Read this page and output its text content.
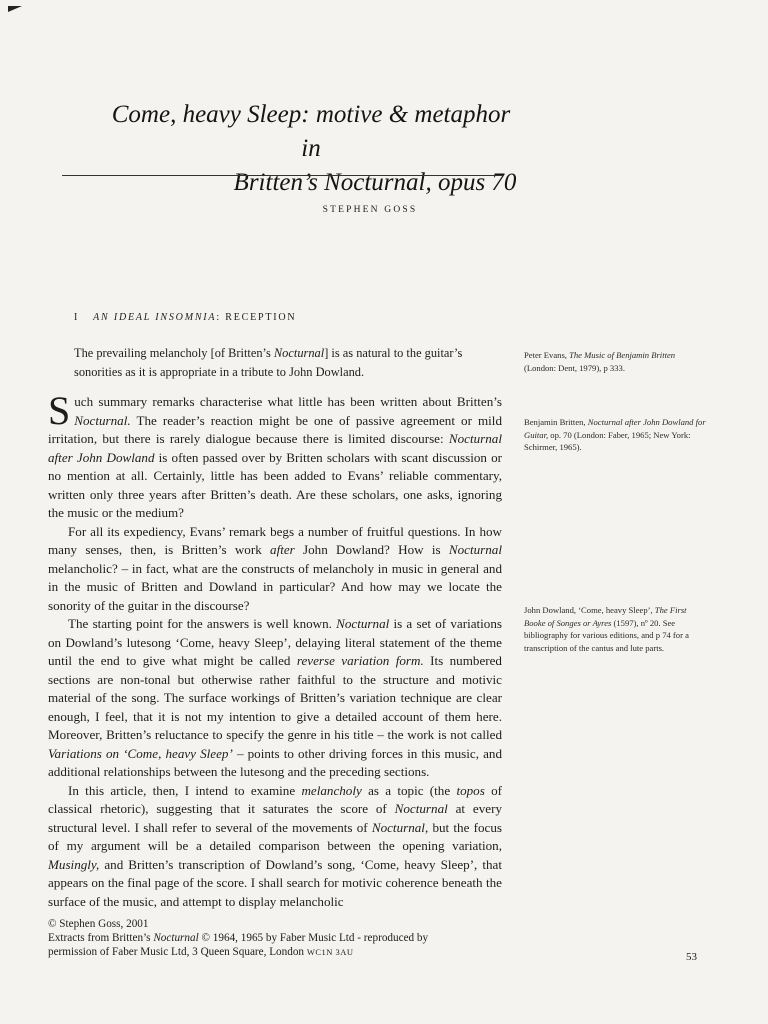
Come, heavy Sleep: motive & metaphor in
Britten’s Nocturnal, opus 70
STEPHEN GOSS
I AN IDEAL INSOMNIA: RECEPTION
The prevailing melancholy [of Britten’s Nocturnal] is as natural to the guitar’s sonorities as it is appropriate in a tribute to John Dowland.

Such summary remarks characterise what little has been written about Britten’s Nocturnal. The reader’s reaction might be one of passive agreement or mild irritation, but there is rarely dialogue because there is limited discourse: Nocturnal after John Dowland is often passed over by Britten scholars with scant discussion or no mention at all. Certainly, little has been added to Evans’ reliable commentary, written only three years after Britten’s death. Are these scholars, one asks, ignoring the music or the medium?

For all its expediency, Evans’ remark begs a number of fruitful questions. In how many senses, then, is Britten’s work after John Dowland? How is Nocturnal melancholic? – in fact, what are the constructs of melancholy in music in general and in the music of Britten and Dowland in particular? And how may we locate the sonority of the guitar in the discourse?

The starting point for the answers is well known. Nocturnal is a set of variations on Dowland’s lutesong ‘Come, heavy Sleep’, delaying literal statement of the theme until the end to give what might be called reverse variation form. Its numbered sections are non-tonal but otherwise rather faithful to the structure and motivic material of the song. The surface workings of Britten’s variation technique are clear enough, I feel, that it is not my intention to give a detailed account of them here. Moreover, Britten’s reluctance to specify the genre in his title – the work is not called Variations on ‘Come, heavy Sleep’ – points to other driving forces in this music, and additional relationships between the lutesong and the preceding sections.

In this article, then, I intend to examine melancholy as a topic (the topos of classical rhetoric), suggesting that it saturates the score of Nocturnal at every structural level. I shall refer to several of the movements of Nocturnal, but the focus of my argument will be a detailed comparison between the opening variation, Musingly, and Britten’s transcription of Dowland’s song, ‘Come, heavy Sleep’, that appears on the final page of the score. I shall search for motivic coherence beneath the surface of the music, and attempt to display melancholic

Peter Evans, The Music of Benjamin Britten (London: Dent, 1979), p 333.
Benjamin Britten, Nocturnal after John Dowland for Guitar, op. 70 (London: Faber, 1965; New York: Schirmer, 1965).
John Dowland, ‘Come, heavy Sleep’, The First Booke of Songes or Ayres (1597), nº 20. See bibliography for various editions, and p 74 for a transcription of the cantus and lute parts.
© Stephen Goss, 2001
Extracts from Britten’s Nocturnal © 1964, 1965 by Faber Music Ltd - reproduced by
permission of Faber Music Ltd, 3 Queen Square, London WC1N 3AU	53
